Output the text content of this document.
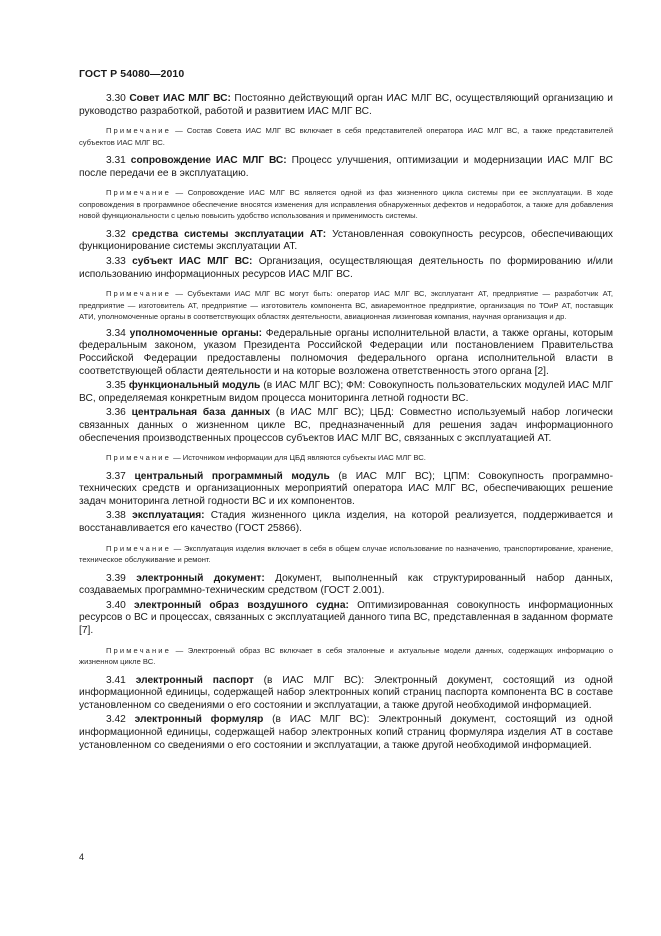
ГОСТ Р 54080—2010

3.30 Совет ИАС МЛГ ВС: Постоянно действующий орган ИАС МЛГ ВС, осуществляющий организацию и руководство разработкой, работой и развитием ИАС МЛГ ВС.

Примечание — Состав Совета ИАС МЛГ ВС включает в себя представителей оператора ИАС МЛГ ВС, а также представителей субъектов ИАС МЛГ ВС.

3.31 сопровождение ИАС МЛГ ВС: Процесс улучшения, оптимизации и модернизации ИАС МЛГ ВС после передачи ее в эксплуатацию.

Примечание — Сопровождение ИАС МЛГ ВС является одной из фаз жизненного цикла системы при ее эксплуатации. В ходе сопровождения в программное обеспечение вносятся изменения для исправления обнаруженных дефектов и недоработок, а также для добавления новой функциональности с целью повысить удобство использования и применимость системы.

3.32 средства системы эксплуатации АТ: Установленная совокупность ресурсов, обеспечивающих функционирование системы эксплуатации АТ.

3.33 субъект ИАС МЛГ ВС: Организация, осуществляющая деятельность по формированию и/или использованию информационных ресурсов ИАС МЛГ ВС.

Примечание — Субъектами ИАС МЛГ ВС могут быть: оператор ИАС МЛГ ВС, эксплуатант АТ, предприятие — разработчик АТ, предприятие — изготовитель АТ, предприятие — изготовитель компонента ВС, авиаремонтное предприятие, организация по ТОиР АТ, поставщик АТИ, уполномоченные органы в соответствующих областях деятельности, авиационная лизинговая компания, научная организация и др.

3.34 уполномоченные органы: Федеральные органы исполнительной власти, а также органы, которым федеральным законом, указом Президента Российской Федерации или постановлением Правительства Российской Федерации предоставлены полномочия федерального органа исполнительной власти в соответствующей области деятельности и на которые возложена ответственность этого органа [2].

3.35 функциональный модуль (в ИАС МЛГ ВС); ФМ: Совокупность пользовательских модулей ИАС МЛГ ВС, определяемая конкретным видом процесса мониторинга летной годности ВС.

3.36 центральная база данных (в ИАС МЛГ ВС); ЦБД: Совместно используемый набор логически связанных данных о жизненном цикле ВС, предназначенный для решения задач информационного обеспечения производственных процессов субъектов ИАС МЛГ ВС, связанных с эксплуатацией АТ.

Примечание — Источником информации для ЦБД являются субъекты ИАС МЛГ ВС.

3.37 центральный программный модуль (в ИАС МЛГ ВС); ЦПМ: Совокупность программно-технических средств и организационных мероприятий оператора ИАС МЛГ ВС, обеспечивающих решение задач мониторинга летной годности ВС и их компонентов.

3.38 эксплуатация: Стадия жизненного цикла изделия, на которой реализуется, поддерживается и восстанавливается его качество (ГОСТ 25866).

Примечание — Эксплуатация изделия включает в себя в общем случае использование по назначению, транспортирование, хранение, техническое обслуживание и ремонт.

3.39 электронный документ: Документ, выполненный как структурированный набор данных, создаваемых программно-техническим средством (ГОСТ 2.001).

3.40 электронный образ воздушного судна: Оптимизированная совокупность информационных ресурсов о ВС и процессах, связанных с эксплуатацией данного типа ВС, представленная в заданном формате [7].

Примечание — Электронный образ ВС включает в себя эталонные и актуальные модели данных, содержащих информацию о жизненном цикле ВС.

3.41 электронный паспорт (в ИАС МЛГ ВС): Электронный документ, состоящий из одной информационной единицы, содержащей набор электронных копий страниц паспорта компонента ВС в составе установленном со сведениями о его состоянии и эксплуатации, а также другой необходимой информацией.

3.42 электронный формуляр (в ИАС МЛГ ВС): Электронный документ, состоящий из одной информационной единицы, содержащей набор электронных копий страниц формуляра изделия АТ в составе установленном со сведениями о его состоянии и эксплуатации, а также другой необходимой информацией.

4
